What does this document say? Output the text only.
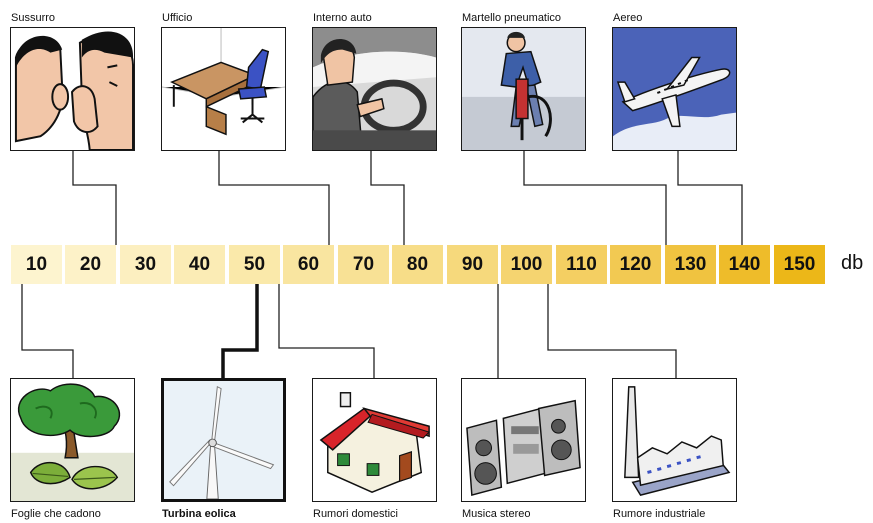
Sussurro	Ufficio	Interno auto	Martello pneumatico	Aereo
10	20	30	40	50	60	70	80	90	100	110	120	130	140	150	db
Foglie che cadono	Turbina eolica	Rumori domestici	Musica stereo	Rumore industriale
